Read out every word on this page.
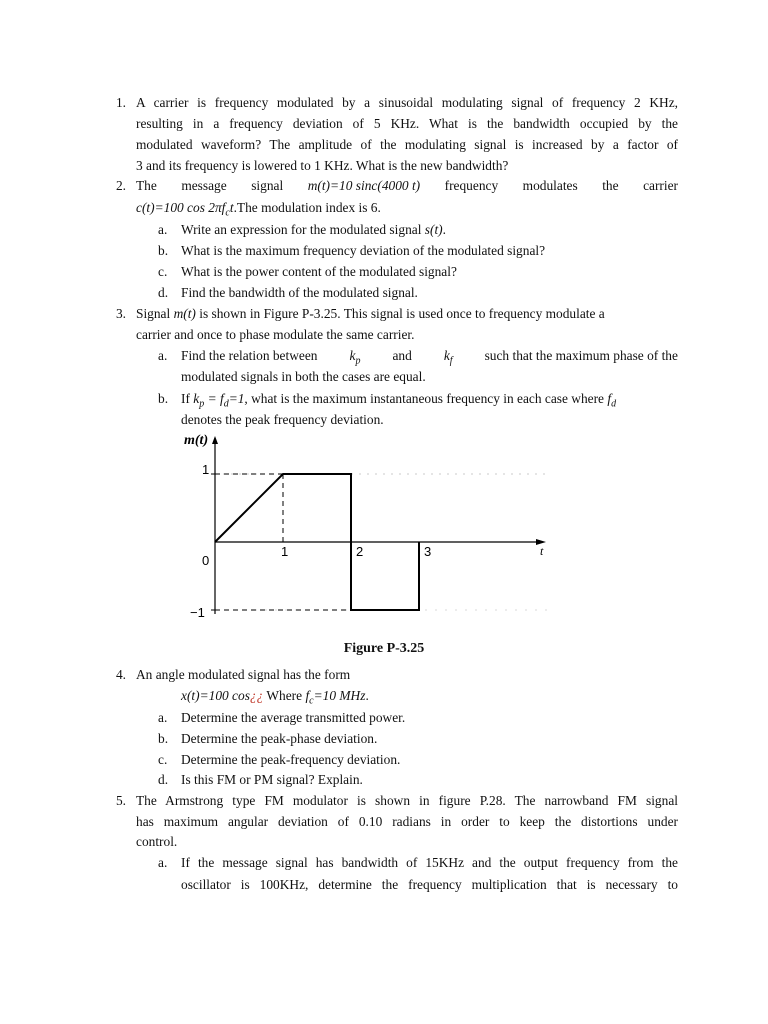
1. A carrier is frequency modulated by a sinusoidal modulating signal of frequency 2 KHz,
resulting in a frequency deviation of 5 KHz. What is the bandwidth occupied by the
modulated waveform? The amplitude of the modulating signal is increased by a factor of
3 and its frequency is lowered to 1 KHz. What is the new bandwidth?
2. The message signal m(t)=10 sinc(4000 t) frequency modulates the carrier
c(t)=100 $\cos 2\pi f_ct.The$ modulation index is 6.
a.	Write an expression for the modulated signal s(t).
b. What is the maximum frequency deviation of the modulated signal?
c.	What is the power content of the modulated signal?
d. Find the bandwidth of the modulated signal.
3. Signal m(t) is shown in Figure P-3.25. This signal is used once to frequency modulate a
carrier and once to phase modulate the same carrier.
a.	Find the relation between $k_p$ and $k_f$ such that the maximum phase of the
modulated signals in both the cases are equal.
b. If $k_p = f_d=1$, what is the maximum instantaneous frequency in each case where $f_d$
denotes the peak frequency deviation.
m(t)
t
1
−1
0
1	2	3
Figure P-3.25
4. An angle modulated signal has the form
x(t)=100 cos¿¿ Where $f_c=10$ MHz.
a.	Determine the average transmitted power.
b. Determine the peak-phase deviation.
c.	Determine the peak-frequency deviation.
d. Is this FM or PM signal? Explain.
5. The Armstrong type FM modulator is shown in figure P.28. The narrowband FM signal
has maximum angular deviation of 0.10 radians in order to keep the distortions under
control.
a.	If the message signal has bandwidth of 15KHz and the output frequency from the
oscillator is 100KHz, determine the frequency multiplication that is necessary to
